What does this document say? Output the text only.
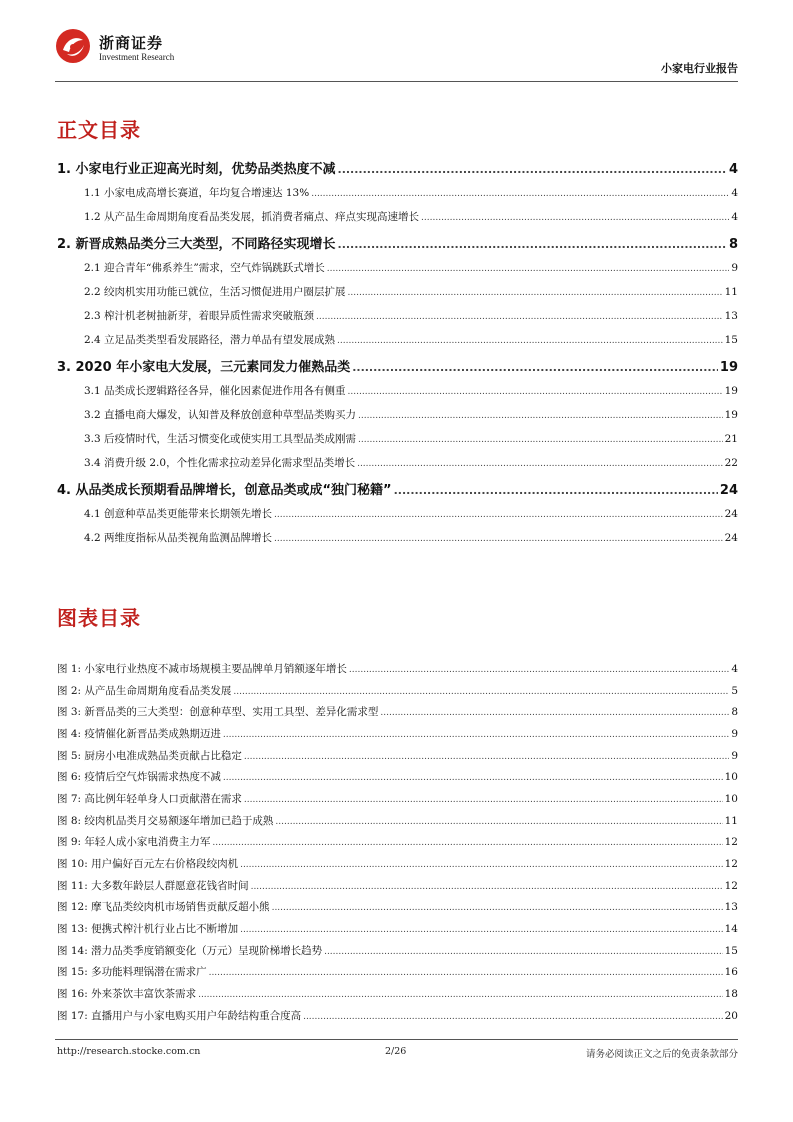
浙商证券
Investment Research
小家电行业报告
正文目录
1. 小家电行业正迎高光时刻，优势品类热度不减 .....	4
1.1 小家电成高增长赛道，年均复合增速达 13% .....	4
1.2 从产品生命周期角度看品类发展，抓消费者痛点、痒点实现高速增长 .....	4
2. 新晋成熟品类分三大类型，不同路径实现增长 .....	8
2.1 迎合青年“佛系养生”需求，空气炸锅跳跃式增长 .....	9
2.2 绞肉机实用功能已就位，生活习惯促进用户圈层扩展 .....	11
2.3 榨汁机老树抽新芽，着眼异质性需求突破瓶颈 .....	13
2.4 立足品类类型看发展路径，潜力单品有望发展成熟 .....	15
3. 2020 年小家电大发展，三元素同发力催熟品类 .....	19
3.1 品类成长逻辑路径各异，催化因素促进作用各有侧重 .....	19
3.2 直播电商大爆发，认知普及释放创意种草型品类购买力 .....	19
3.3 后疫情时代，生活习惯变化或使实用工具型品类成刚需 .....	21
3.4 消费升级 2.0，个性化需求拉动差异化需求型品类增长 .....	22
4. 从品类成长预期看品牌增长，创意品类或成“独门秘籍” .....	24
4.1 创意种草品类更能带来长期领先增长 .....	24
4.2 两维度指标从品类视角监测品牌增长 .....	24
图表目录
图 1: 小家电行业热度不减市场规模主要品牌单月销额逐年增长 .....	4
图 2: 从产品生命周期角度看品类发展 .....	5
图 3: 新晋品类的三大类型：创意种草型、实用工具型、差异化需求型 .....	8
图 4: 疫情催化新晋品类成熟期迈进 .....	9
图 5: 厨房小电准成熟品类贡献占比稳定 .....	9
图 6: 疫情后空气炸锅需求热度不减 .....	10
图 7: 高比例年轻单身人口贡献潜在需求 .....	10
图 8: 绞肉机品类月交易额逐年增加已趋于成熟 .....	11
图 9: 年轻人成小家电消费主力军 .....	12
图 10: 用户偏好百元左右价格段绞肉机 .....	12
图 11: 大多数年龄层人群愿意花钱省时间 .....	12
图 12: 摩飞品类绞肉机市场销售贡献反超小熊 .....	13
图 13: 便携式榨汁机行业占比不断增加 .....	14
图 14: 潜力品类季度销额变化（万元）呈现阶梯增长趋势 .....	15
图 15: 多功能料理锅潜在需求广 .....	16
图 16: 外来茶饮丰富饮茶需求 .....	18
图 17: 直播用户与小家电购买用户年龄结构重合度高 .....	20
http://research.stocke.com.cn	2/26	请务必阅读正文之后的免责条款部分
